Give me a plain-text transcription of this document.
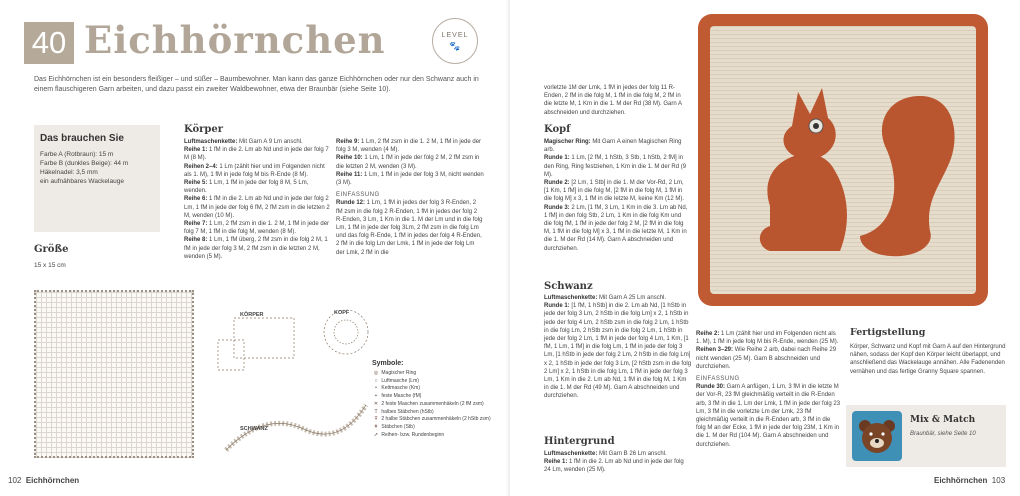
40 Eichhörnchen	LEVEL
🐾
Das Eichhörnchen ist ein besonders fleißiger – und süßer – Baumbewohner. Man kann das ganze Eichhörnchen oder nur den Schwanz auch in einem flauschigeren Garn arbeiten, und dazu passt ein zweiter Waldbewohner, etwa der Braunbär (siehe Seite 10).
Das brauchen Sie
Farbe A (Rotbraun): 15 m
Farbe B (dunkles Beige): 44 m
Häkelnadel: 3,5 mm
ein aufnähbares Wackelauge
Größe
15 x 15 cm
Körper

Luftmaschenkette: Mit Garn A 9 Lm anschl.

Reihe 1: 1 fM in die 2. Lm ab Nd und in jede der folg 7 M (8 M).

Reihen 2–4: 1 Lm (zählt hier und im Folgenden nicht als 1. M), 1 fM in jede folg M bis R-Ende (8 M).

Reihe 5: 1 Lm, 1 fM in jede der folg 8 M, 5 Lm, wenden.

Reihe 6: 1 fM in die 2. Lm ab Nd und in jede der folg 2 Lm, 1 fM in jede der folg 6 fM, 2 fM zsm in die letzten 2 M, wenden (10 M).

Reihe 7: 1 Lm, 2 fM zsm in die 1. 2 M, 1 fM in jede der folg 7 M, 1 fM in die folg M, wenden (8 M).

Reihe 8: 1 Lm, 1 fM überg, 2 fM zsm in die folg 2 M, 1 fM in jede der folg 3 M, 2 fM zsm in die letzten 2 M, wenden (5 M).

Reihe 9: 1 Lm, 2 fM zsm in die 1. 2 M, 1 fM in jede der folg 3 M, wenden (4 M).

Reihe 10: 1 Lm, 1 fM in jede der folg 2 M, 2 fM zsm in die letzten 2 M, wenden (3 M).

Reihe 11: 1 Lm, 1 fM in jede der folg 3 M, nicht wenden (3 M).

EINFASSUNG

Runde 12: 1 Lm, 1 fM in jedes der folg 3 R-Enden, 2 fM zsm in die folg 2 R-Enden, 1 fM in jedes der folg 2 R-Enden, 3 Lm, 1 Km in die 1. M der Lm und in die folg Lm, 1 fM in jede der folg 3Lm, 2 fM zsm in die folg Lm und das folg R-Ende, 1 fM in jedes der folg 4 R-Enden, 2 fM in die folg Lm der Lmk, 1 fM in jede der folg Lm der Lmk, 2 fM in die

KÖRPER	KOPF
SCHWANZ
Symbole:
◎ Magischer Ring
○ Luftmasche (Lm)
• Kettmasche (Km)
+ feste Masche (fM)
✕ 2 feste Maschen zusammenhäkeln (2 fM zsm)
T halbes Stäbchen (hStb)
Ŧ 2 halbe Stäbchen zusammenhäkeln (2 hStb zsm)
ǂ Stäbchen (Stb)
➚ Reihen- bzw. Rundenbeginn
102 Eichhörnchen
vorletzte 1M der Lmk, 1 fM in jedes der folg 11 R-Enden, 2 fM in die folg M, 1 fM in die folg M, 2 fM in die letzte M, 1 Km in die 1. M der Rd (38 M). Garn A abschneiden und durchziehen.
Kopf

Magischer Ring: Mit Garn A einen Magischen Ring arb.

Runde 1: 1 Lm, [2 fM, 1 hStb, 3 Stb, 1 hStb, 2 fM] in den Ring, Ring festziehen, 1 Km in die 1. M der Rd (9 M).

Runde 2: [2 Lm, 1 Stb] in die 1. M der Vor-Rd, 2 Lm, [1 Km, 1 fM] in die folg M, [2 fM in die folg M, 1 fM in die folg M] x 3, 1 fM in die letzte M, keine Km (12 M).

Runde 3: 2 Lm, [1 fM, 3 Lm, 1 Km in die 3. Lm ab Nd, 1 fM] in den folg Stb, 2 Lm, 1 Km in die folg Km und die folg fM, 1 fM in jede der folg 2 M, [2 fM in die folg M, 1 fM in die folg M] x 3, 1 fM in die letzte M, 1 Km in die 1. M der Rd (14 M). Garn A abschneiden und durchziehen.

Schwanz

Luftmaschenkette: Mit Garn A 25 Lm anschl.

Runde 1: [1 fM, 1 hStb] in die 2. Lm ab Nd, [1 hStb in jede der folg 3 Lm, 2 hStb in die folg Lm] x 2, 1 hStb in jede der folg 4 Lm, 2 hStb zsm in die folg 2 Lm, 1 hStb in die folg Lm, 2 hStb zsm in die folg 2 Lm, 1 hStb in jede der folg 2 Lm, 1 fM in jede der folg 4 Lm, 1 Km, [1 fM, 1 Lm, 1 fM] in die folg Lm, 1 fM in jede der folg 3 Lm, [1 hStb in jede der folg 2 Lm, 2 hStb in die folg Lm] x 2, 1 hStb in jede der folg 3 Lm, [2 hStb zsm in die folg 2 Lm] x 2, 1 hStb in die folg Lm, 1 fM in jede der folg 3 Lm, 1 Km in die 2. Lm ab Nd, 1 fM in die folg M, 1 Km in die 1. M der Rd (49 M). Garn A abschneiden und durchziehen.

Hintergrund

Luftmaschenkette: Mit Garn B 26 Lm anschl.

Reihe 1: 1 fM in die 2. Lm ab Nd und in jede der folg 24 Lm, wenden (25 M).

Reihe 2: 1 Lm (zählt hier und im Folgenden nicht als 1. M), 1 fM in jede folg M bis R-Ende, wenden (25 M).

Reihen 3–29: Wie Reihe 2 arb, dabei nach Reihe 29 nicht wenden (25 M). Garn B abschneiden und durchziehen.

EINFASSUNG

Runde 30: Garn A anfügen, 1 Lm, 3 fM in die letzte M der Vor-R, 23 fM gleichmäßig verteilt in die R-Enden arb, 3 fM in die 1. Lm der Lmk, 1 fM in jede der folg 23 Lm, 3 fM in die vorletzte Lm der Lmk, 23 fM gleichmäßig verteilt in die R-Enden arb, 3 fM in die folg M an der Ecke, 1 fM in jede der folg 23M, 1 Km in die 1. M der Rd (104 M). Garn A abschneiden und durchziehen.

Fertigstellung

Körper, Schwanz und Kopf mit Garn A auf den Hintergrund nähen, sodass der Kopf den Körper leicht überlappt, und anschließend das Wackelauge annähen. Alle Fadenenden vernähen und das fertige Granny Square spannen.

Mix & Match
Braunbär, siehe Seite 10
Eichhörnchen 103
